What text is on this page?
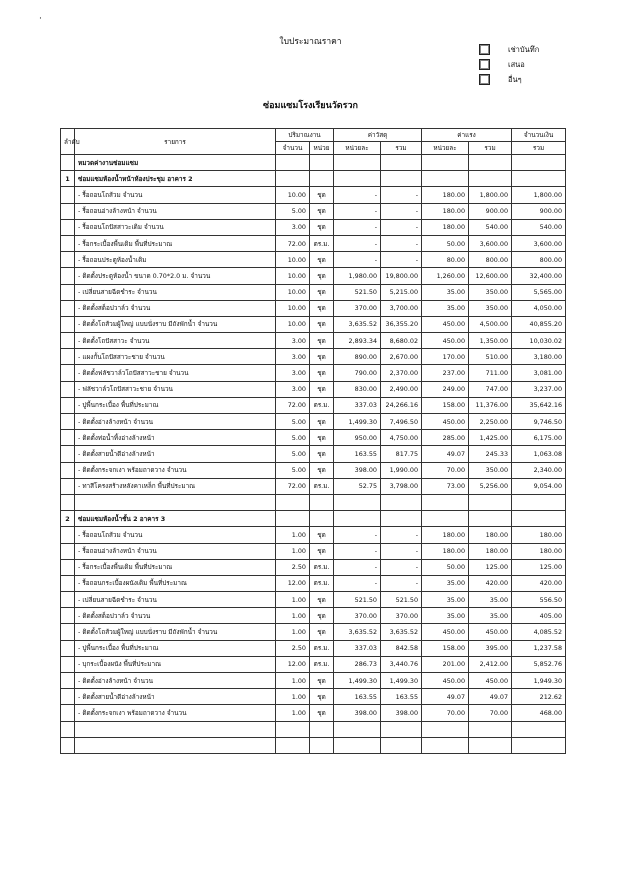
·
ใบประมาณราคา
เช่าบันทึก
เสนอ
อื่นๆ
ซ่อมแซมโรงเรียนวัดรวก
ลำดับ	รายการ	ปริมาณงาน		ค่าวัสดุ		ค่าแรง		จำนวนเงิน
		จำนวน	หน่วย	หน่วยละ	รวม	หน่วยละ	รวม	รวม
	หมวดค่างานซ่อมแซม							
1	ซ่อมแซมห้องน้ำหน้าห้องประชุม อาคาร 2							
	- รื้อถอนโถส้วม จำนวน	10.00	ชุด	-	-	180.00	1,800.00	1,800.00
	- รื้อถอนอ่างล้างหน้า จำนวน	5.00	ชุด	-	-	180.00	900.00	900.00
	- รื้อถอนโถปัสสาวะเดิม จำนวน	3.00	ชุด	-	-	180.00	540.00	540.00
	- รื้อกระเบื้องพื้นเดิม พื้นที่ประมาณ	72.00	ตร.ม.	-	-	50.00	3,600.00	3,600.00
	- รื้อถอนประตูห้องน้ำเดิม	10.00	ชุด	-	-	80.00	800.00	800.00
	- ติดตั้งประตูห้องน้ำ ขนาด 0.70*2.0 ม. จำนวน	10.00	ชุด	1,980.00	19,800.00	1,260.00	12,600.00	32,400.00
	- เปลี่ยนสายฉีดชำระ จำนวน	10.00	ชุด	521.50	5,215.00	35.00	350.00	5,565.00
	- ติดตั้งสต็อปวาล์ว จำนวน	10.00	ชุด	370.00	3,700.00	35.00	350.00	4,050.00
	- ติดตั้งโถส้วมผู้ใหญ่ แบบนั่งราบ มีถังพักน้ำ จำนวน	10.00	ชุด	3,635.52	36,355.20	450.00	4,500.00	40,855.20
	- ติดตั้งโถปัสสาวะ จำนวน	3.00	ชุด	2,893.34	8,680.02	450.00	1,350.00	10,030.02
	- แผงกั้นโถปัสสาวะชาย จำนวน	3.00	ชุด	890.00	2,670.00	170.00	510.00	3,180.00
	- ติดตั้งฟลัชวาล์วโถปัสสาวะชาย จำนวน	3.00	ชุด	790.00	2,370.00	237.00	711.00	3,081.00
	- ฟลัชวาล์วโถปัสสาวะชาย จำนวน	3.00	ชุด	830.00	2,490.00	249.00	747.00	3,237.00
	- ปูพื้นกระเบื้อง พื้นที่ประมาณ	72.00	ตร.ม.	337.03	24,266.16	158.00	11,376.00	35,642.16
	- ติดตั้งอ่างล้างหน้า จำนวน	5.00	ชุด	1,499.30	7,496.50	450.00	2,250.00	9,746.50
	- ติดตั้งท่อน้ำทิ้งอ่างล้างหน้า	5.00	ชุด	950.00	4,750.00	285.00	1,425.00	6,175.00
	- ติดตั้งสายน้ำดีอ่างล้างหน้า	5.00	ชุด	163.55	817.75	49.07	245.33	1,063.08
	- ติดตั้งกระจกเงา พร้อมถาดวาง จำนวน	5.00	ชุด	398.00	1,990.00	70.00	350.00	2,340.00
	- ทาสีโครงสร้างหลังคาเหล็ก พื้นที่ประมาณ	72.00	ตร.ม.	52.75	3,798.00	73.00	5,256.00	9,054.00

2	ซ่อมแซมห้องน้ำชั้น 2 อาคาร 3							
	- รื้อถอนโถส้วม จำนวน	1.00	ชุด	-	-	180.00	180.00	180.00
	- รื้อถอนอ่างล้างหน้า จำนวน	1.00	ชุด	-	-	180.00	180.00	180.00
	- รื้อกระเบื้องพื้นเดิม พื้นที่ประมาณ	2.50	ตร.ม.	-	-	50.00	125.00	125.00
	- รื้อถอนกระเบื้องผนังเดิม พื้นที่ประมาณ	12.00	ตร.ม.	-	-	35.00	420.00	420.00
	- เปลี่ยนสายฉีดชำระ จำนวน	1.00	ชุด	521.50	521.50	35.00	35.00	556.50
	- ติดตั้งสต็อปวาล์ว จำนวน	1.00	ชุด	370.00	370.00	35.00	35.00	405.00
	- ติดตั้งโถส้วมผู้ใหญ่ แบบนั่งราบ มีถังพักน้ำ จำนวน	1.00	ชุด	3,635.52	3,635.52	450.00	450.00	4,085.52
	- ปูพื้นกระเบื้อง พื้นที่ประมาณ	2.50	ตร.ม.	337.03	842.58	158.00	395.00	1,237.58
	- บุกระเบื้องผนัง พื้นที่ประมาณ	12.00	ตร.ม.	286.73	3,440.76	201.00	2,412.00	5,852.76
	- ติดตั้งอ่างล้างหน้า จำนวน	1.00	ชุด	1,499.30	1,499.30	450.00	450.00	1,949.30
	- ติดตั้งสายน้ำดีอ่างล้างหน้า	1.00	ชุด	163.55	163.55	49.07	49.07	212.62
	- ติดตั้งกระจกเงา พร้อมถาดวาง จำนวน	1.00	ชุด	398.00	398.00	70.00	70.00	468.00
